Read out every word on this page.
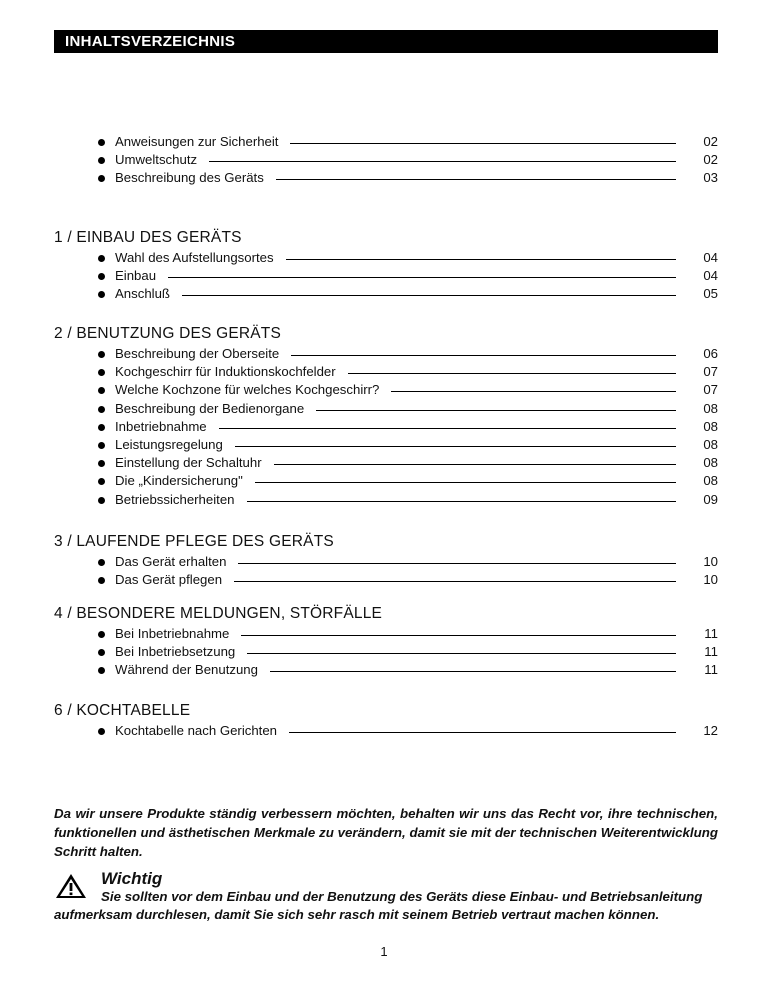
INHALTSVERZEICHNIS
Anweisungen zur Sicherheit	02
Umweltschutz	02
Beschreibung des Geräts	03
1 / EINBAU DES GERÄTS
Wahl des Aufstellungsortes	04
Einbau	04
Anschluß	05
2 / BENUTZUNG DES GERÄTS
Beschreibung der Oberseite	06
Kochgeschirr für Induktionskochfelder	07
Welche Kochzone für welches Kochgeschirr?	07
Beschreibung der Bedienorgane	08
Inbetriebnahme	08
Leistungsregelung	08
Einstellung der Schaltuhr	08
Die „Kindersicherung"	08
Betriebssicherheiten	09
3 / LAUFENDE PFLEGE DES GERÄTS
Das Gerät erhalten	10
Das Gerät pflegen	10
4 / BESONDERE MELDUNGEN, STÖRFÄLLE
Bei Inbetriebnahme	11
Bei Inbetriebsetzung	11
Während der Benutzung	11
6 / KOCHTABELLE
Kochtabelle nach Gerichten	12

Da wir unsere Produkte ständig verbessern möchten, behalten wir uns das Recht vor, ihre technischen, funktionellen und ästhetischen Merkmale zu verändern, damit sie mit der technischen Weiterentwicklung Schritt halten.

Wichtig

Sie sollten vor dem Einbau und der Benutzung des Geräts diese Einbau- und Betriebsanleitung aufmerksam durchlesen, damit Sie sich sehr rasch mit seinem Betrieb vertraut machen können.

1
